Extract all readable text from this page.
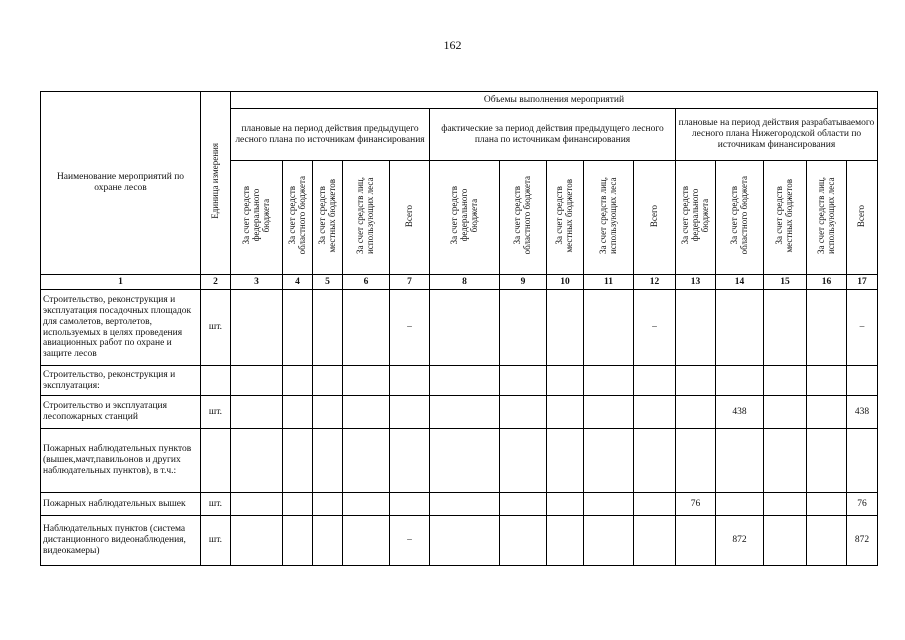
162
Наименование мероприятий по охране лесов	Единица измерения	Объемы выполнения мероприятий														
		плановые на период действия предыдущего лесного плана по источникам финансирования					фактические за период действия предыдущего лесного плана по источникам финансирования					плановые на период действия разрабатываемого лесного плана Нижегородской области по источникам финансирования				
		За счет средств
федерального
бюджета	За счет средств
областного бюджета	За счет средств
местных бюджетов	За счет средств лиц,
использующих леса	Всего	За счет средств
федерального
бюджета	За счет средств
областного бюджета	За счет средств
местных бюджетов	За счет средств лиц,
использующих леса	Всего	За счет средств
федерального
бюджета	За счет средств
областного бюджета	За счет средств
местных бюджетов	За счет средств лиц,
использующих леса	Всего
1	2	3	4	5	6	7	8	9	10	11	12	13	14	15	16	17
Строительство, реконструкция и эксплуатация посадочных площадок для самолетов, вертолетов, используемых в целях проведения авиационных работ по охране и защите лесов	шт.					–					–					–
Строительство, реконструкция и эксплуатация:																
Строительство и эксплуатация лесопожарных станций	шт.												438			438
Пожарных наблюдательных пунктов (вышек,мачт,павильонов и других наблюдательных пунктов), в т.ч.:																
Пожарных наблюдательных вышек	шт.											76				76
Наблюдательных пунктов (система дистанционного видеонаблюдения, видеокамеры)	шт.					–							872			872
